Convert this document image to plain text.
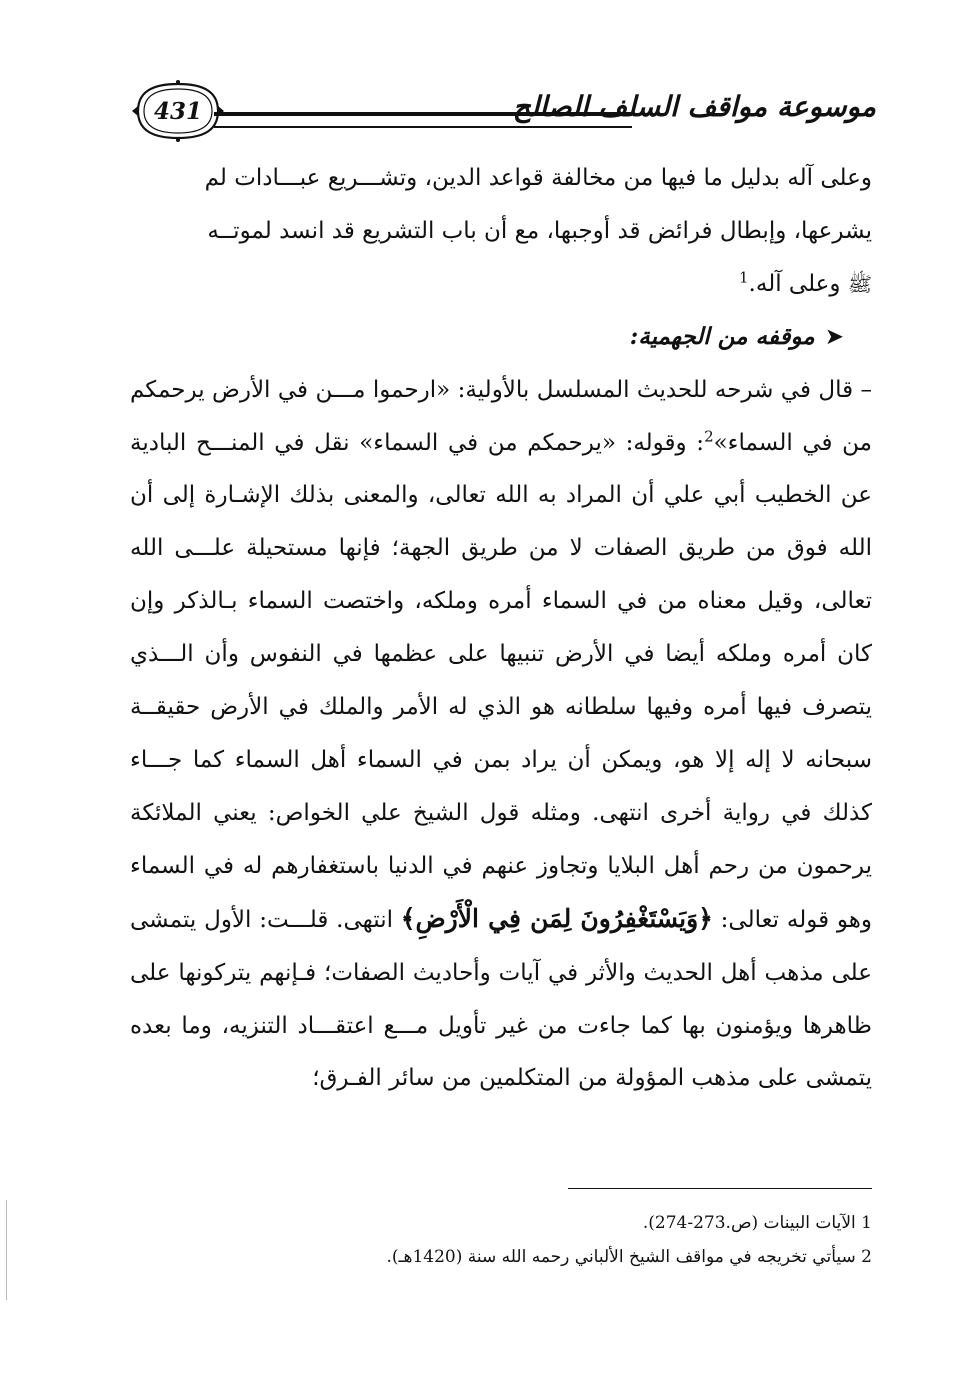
موسوعة مواقف السلف الصالح
431

وعلى آله بدليل ما فيها من مخالفة قواعد الدين، وتشـــريع عبـــادات لم

يشرعها، وإبطال فرائض قد أوجبها، مع أن باب التشريع قد انسد لموتــه

ﷺ وعلى آله.$^1$

➤موقفه من الجهمية:

– قال في شرحه للحديث المسلسل بالأولية: «ارحموا مـــن في الأرض يرحمكم من في السماء»$^2$: وقوله: «يرحمكم من في السماء» نقل في المنـــح البادية عن الخطيب أبي علي أن المراد به الله تعالى، والمعنى بذلك الإشـارة إلى أن الله فوق من طريق الصفات لا من طريق الجهة؛ فإنها مستحيلة علـــى الله تعالى، وقيل معناه من في السماء أمره وملكه، واختصت السماء بـالذكر وإن كان أمره وملكه أيضا في الأرض تنبيها على عظمها في النفوس وأن الـــذي يتصرف فيها أمره وفيها سلطانه هو الذي له الأمر والملك في الأرض حقيقــة سبحانه لا إله إلا هو، ويمكن أن يراد بمن في السماء أهل السماء كما جـــاء كذلك في رواية أخرى انتهى. ومثله قول الشيخ علي الخواص: يعني الملائكة يرحمون من رحم أهل البلايا وتجاوز عنهم في الدنيا باستغفارهم له في السماء وهو قوله تعالى: ﴿وَيَسْتَغْفِرُونَ لِمَن فِي الْأَرْضِ﴾ انتهى. قلـــت: الأول يتمشى على مذهب أهل الحديث والأثر في آيات وأحاديث الصفات؛ فـإنهم يتركونها على ظاهرها ويؤمنون بها كما جاءت من غير تأويل مـــع اعتقـــاد التنزيه، وما بعده يتمشى على مذهب المؤولة من المتكلمين من سائر الفـرق؛

1 الآيات البينات (ص.273-274).

2 سيأتي تخريجه في مواقف الشيخ الألباني رحمه الله سنة (1420هـ).
